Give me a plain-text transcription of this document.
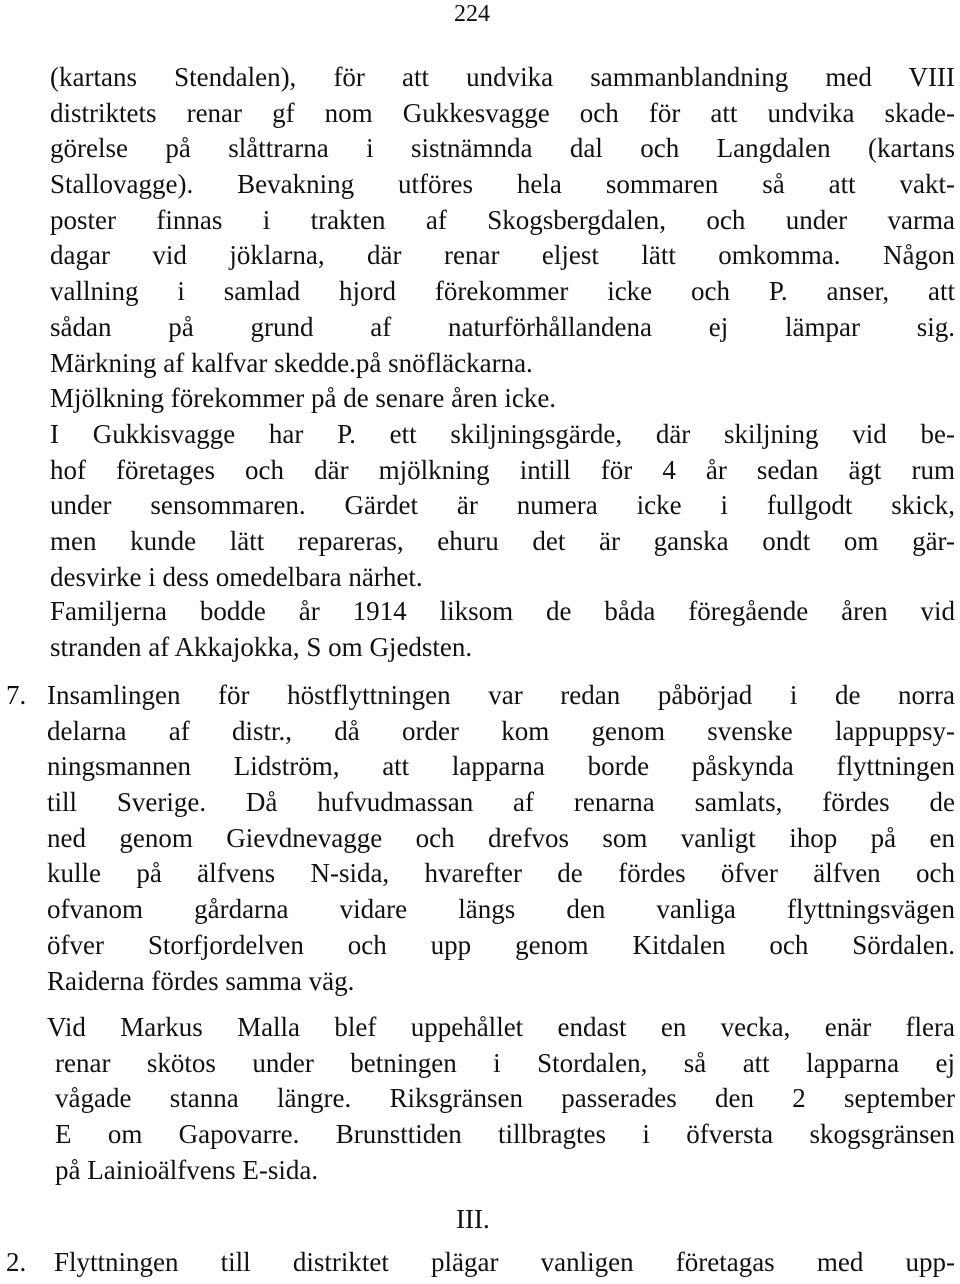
224
(kartans Stendalen), för att undvika sammanblandning med VIII
distriktets renar gf nom Gukkesvagge och för att undvika skade-
görelse på slåttrarna i sistnämnda dal och Langdalen (kartans
Stallovagge). Bevakning utföres hela sommaren så att vakt-
poster finnas i trakten af Skogsbergdalen, och under varma
dagar vid jöklarna, där renar eljest lätt omkomma. Någon
vallning i samlad hjord förekommer icke och P. anser, att
sådan på grund af naturförhållandena ej lämpar sig.
Märkning af kalfvar skedde.på snöfläckarna.
Mjölkning förekommer på de senare åren icke.
I Gukkisvagge har P. ett skiljningsgärde, där skiljning vid be-
hof företages och där mjölkning intill för 4 år sedan ägt rum
under sensommaren. Gärdet är numera icke i fullgodt skick,
men kunde lätt repareras, ehuru det är ganska ondt om gär-
desvirke i dess omedelbara närhet.
Familjerna bodde år 1914 liksom de båda föregående åren vid
stranden af Akkajokka, S om Gjedsten.
7. Insamlingen för höstflyttningen var redan påbörjad i de norra
delarna af distr., då order kom genom svenske lappuppsy-
ningsmannen Lidström, att lapparna borde påskynda flyttningen
till Sverige. Då hufvudmassan af renarna samlats, fördes de
ned genom Gievdnevagge och drefvos som vanligt ihop på en
kulle på älfvens N-sida, hvarefter de fördes öfver älfven och
ofvanom gårdarna vidare längs den vanliga flyttningsvägen
öfver Storfjordelven och upp genom Kitdalen och Sördalen.
Raiderna fördes samma väg.
Vid Markus Malla blef uppehållet endast en vecka, enär flera
renar skötos under betningen i Stordalen, så att lapparna ej
vågade stanna längre. Riksgränsen passerades den 2 september
E om Gapovarre. Brunsttiden tillbragtes i öfversta skogsgränsen
på Lainioälfvens E-sida.
III.
2. Flyttningen till distriktet plägar vanligen företagas med upp-
